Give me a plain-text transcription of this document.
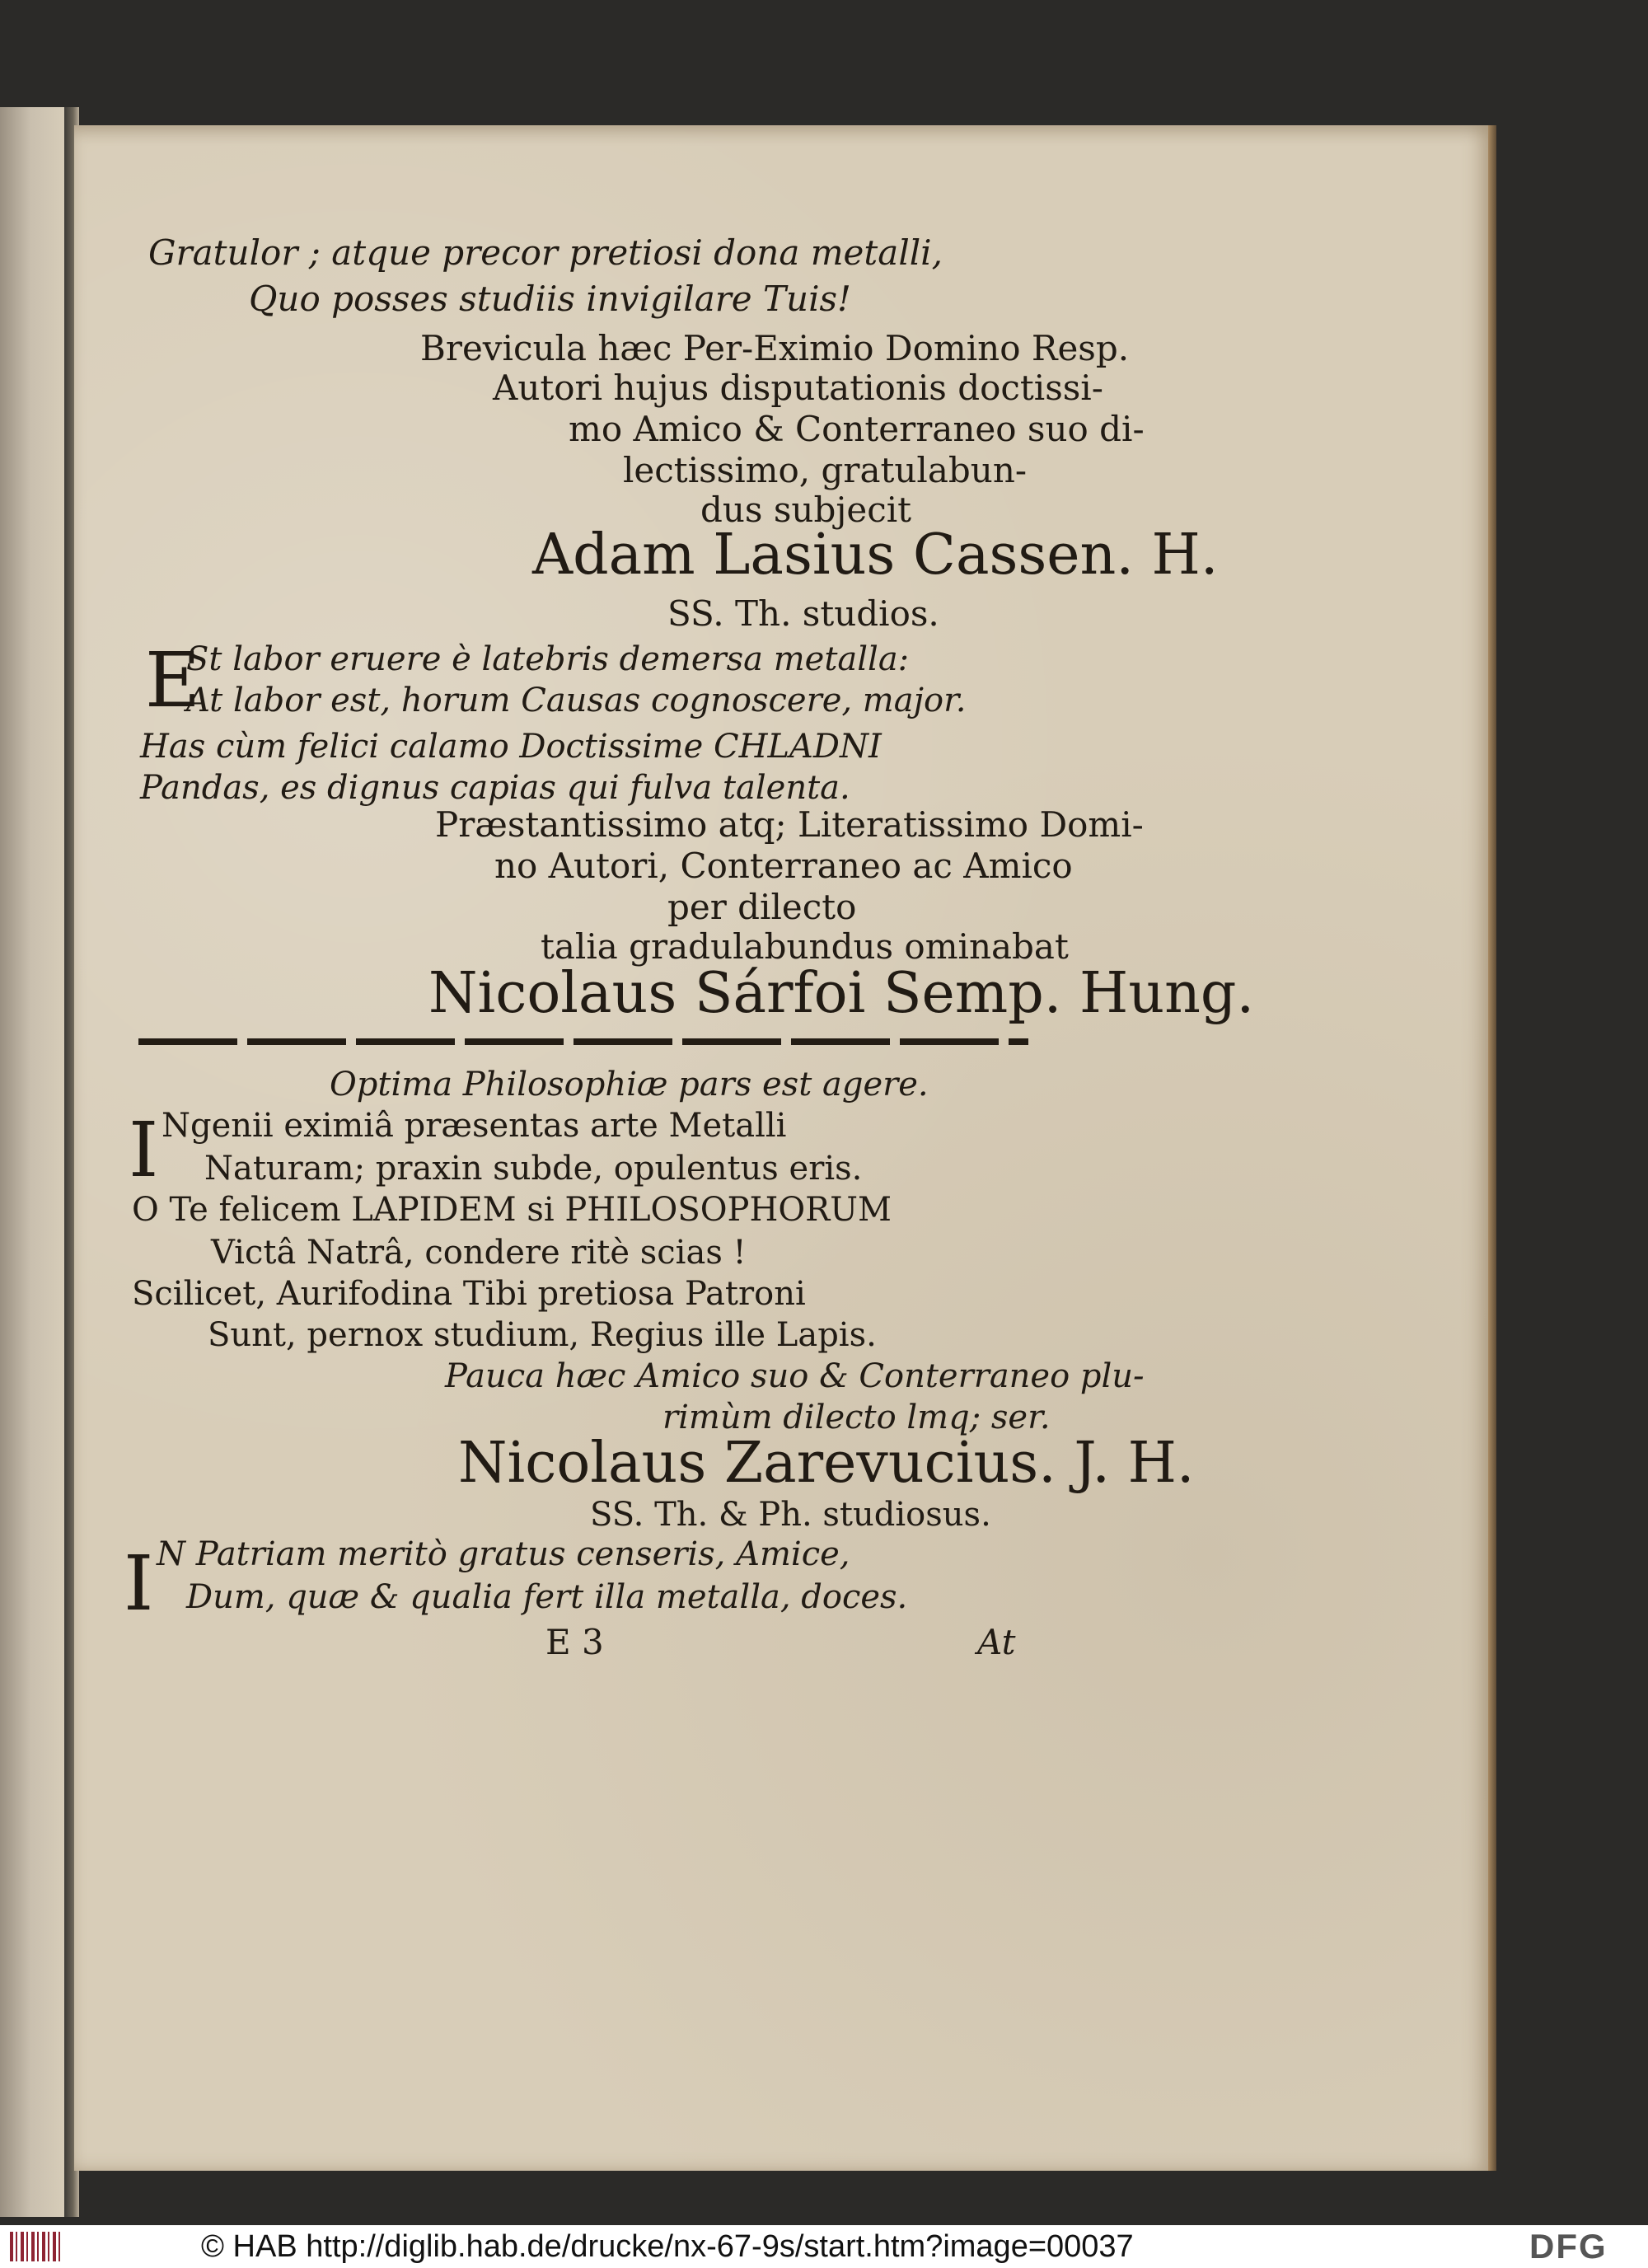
Gratulor ; atque precor pretiosi dona metalli,
Quo posses studiis invigilare Tuis!
Brevicula hæc Per-Eximio Domino Resp.
Autori hujus disputationis doctissi-
mo Amico & Conterraneo suo di-
lectissimo, gratulabun-
dus subjecit
Adam Lasius Cassen. H.
SS. Th. studios.
E
St labor eruere è latebris demersa metalla:
At labor est, horum Causas cognoscere, major.
Has cùm felici calamo Doctissime CHLADNI
Pandas, es dignus capias qui fulva talenta.
Præstantissimo atq; Literatissimo Domi-
no Autori, Conterraneo ac Amico
per dilecto
talia gradulabundus ominabat
Nicolaus Sárfoi Semp. Hung.
Optima Philosophiæ pars est agere.
I Ngenii eximiâ præsentas arte Metalli
Naturam; praxin subde, opulentus eris.
O Te felicem LAPIDEM si PHILOSOPHORUM
Victâ Natrâ, condere ritè scias !
Scilicet, Aurifodina Tibi pretiosa Patroni
Sunt, pernox studium, Regius ille Lapis.
Pauca hæc Amico suo & Conterraneo plu-
rimùm dilecto lmq; ser.
Nicolaus Zarevucius. J. H.
SS. Th. & Ph. studiosus.
I N Patriam meritò gratus censeris, Amice,
Dum, quæ & qualia fert illa metalla, doces.
E 3	At
© HAB http://diglib.hab.de/drucke/nx-67-9s/start.htm?image=00037	DFG
